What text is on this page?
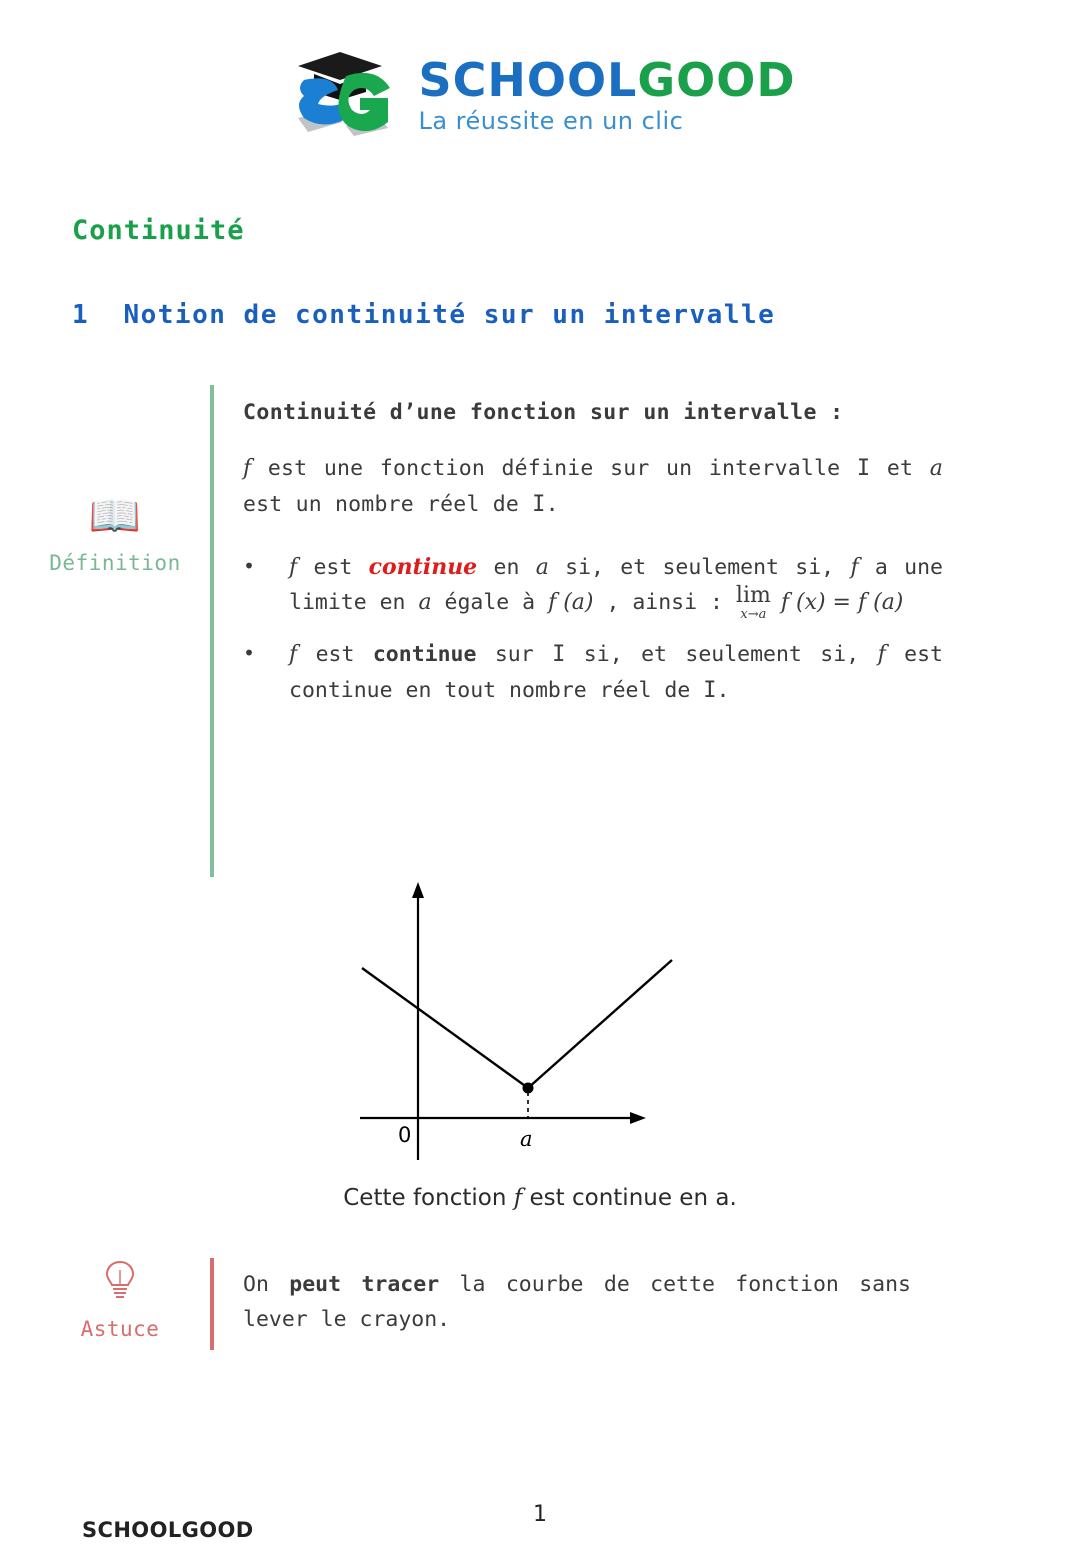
SCHOOLGOOD
La réussite en un clic
Continuité
1 Notion de continuité sur un intervalle
📖
Définition
Continuité d’une fonction sur un intervalle :
f est une fonction définie sur un intervalle I et a est un nombre réel de I.
• f est continue en a si, et seulement si, f a une limite en a égale à f (a) , ainsi : lim
x→a f (x) = f (a)
• f est continue sur I si, et seulement si, f est continue en tout nombre réel de I.
0	a
Cette fonction f est continue en a.
Astuce
On peut tracer la courbe de cette fonction sans lever le crayon.
SCHOOLGOOD
1
